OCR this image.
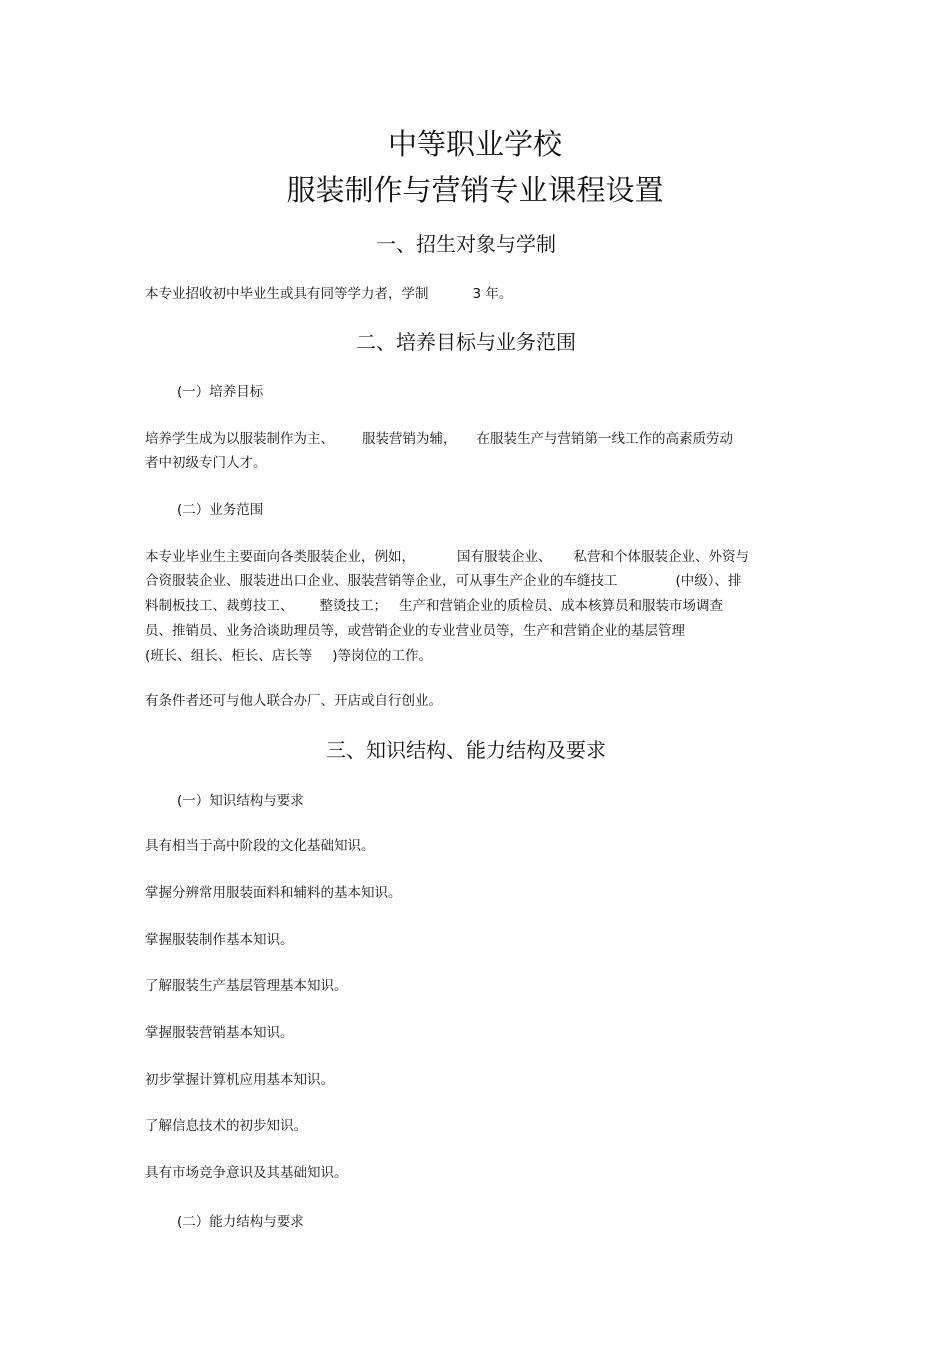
中等职业学校
服装制作与营销专业课程设置
一、招生对象与学制
本专业招收初中毕业生或具有同等学力者，学制	3 年。
二、培养目标与业务范围
(一）培养目标
培养学生成为以服装制作为主、 服装营销为辅， 在服装生产与营销第一线工作的高素质劳动
者中初级专门人才。
(二）业务范围
本专业毕业生主要面向各类服装企业，例如，	国有服装企业、 私营和个体服装企业、外资与
合资服装企业、服装进出口企业、服装营销等企业，可从事生产企业的车缝技工	(中级）、排
料制板技工、裁剪技工、 整烫技工； 生产和营销企业的质检员、成本核算员和服装市场调查
员、推销员、业务洽谈助理员等，或营销企业的专业营业员等，生产和营销企业的基层管理
(班长、组长、柜长、店长等 )等岗位的工作。
有条件者还可与他人联合办厂、开店或自行创业。
三、知识结构、能力结构及要求
(一）知识结构与要求
具有相当于高中阶段的文化基础知识。
掌握分辨常用服装面料和辅料的基本知识。
掌握服装制作基本知识。
了解服装生产基层管理基本知识。
掌握服装营销基本知识。
初步掌握计算机应用基本知识。
了解信息技术的初步知识。
具有市场竞争意识及其基础知识。
(二）能力结构与要求
